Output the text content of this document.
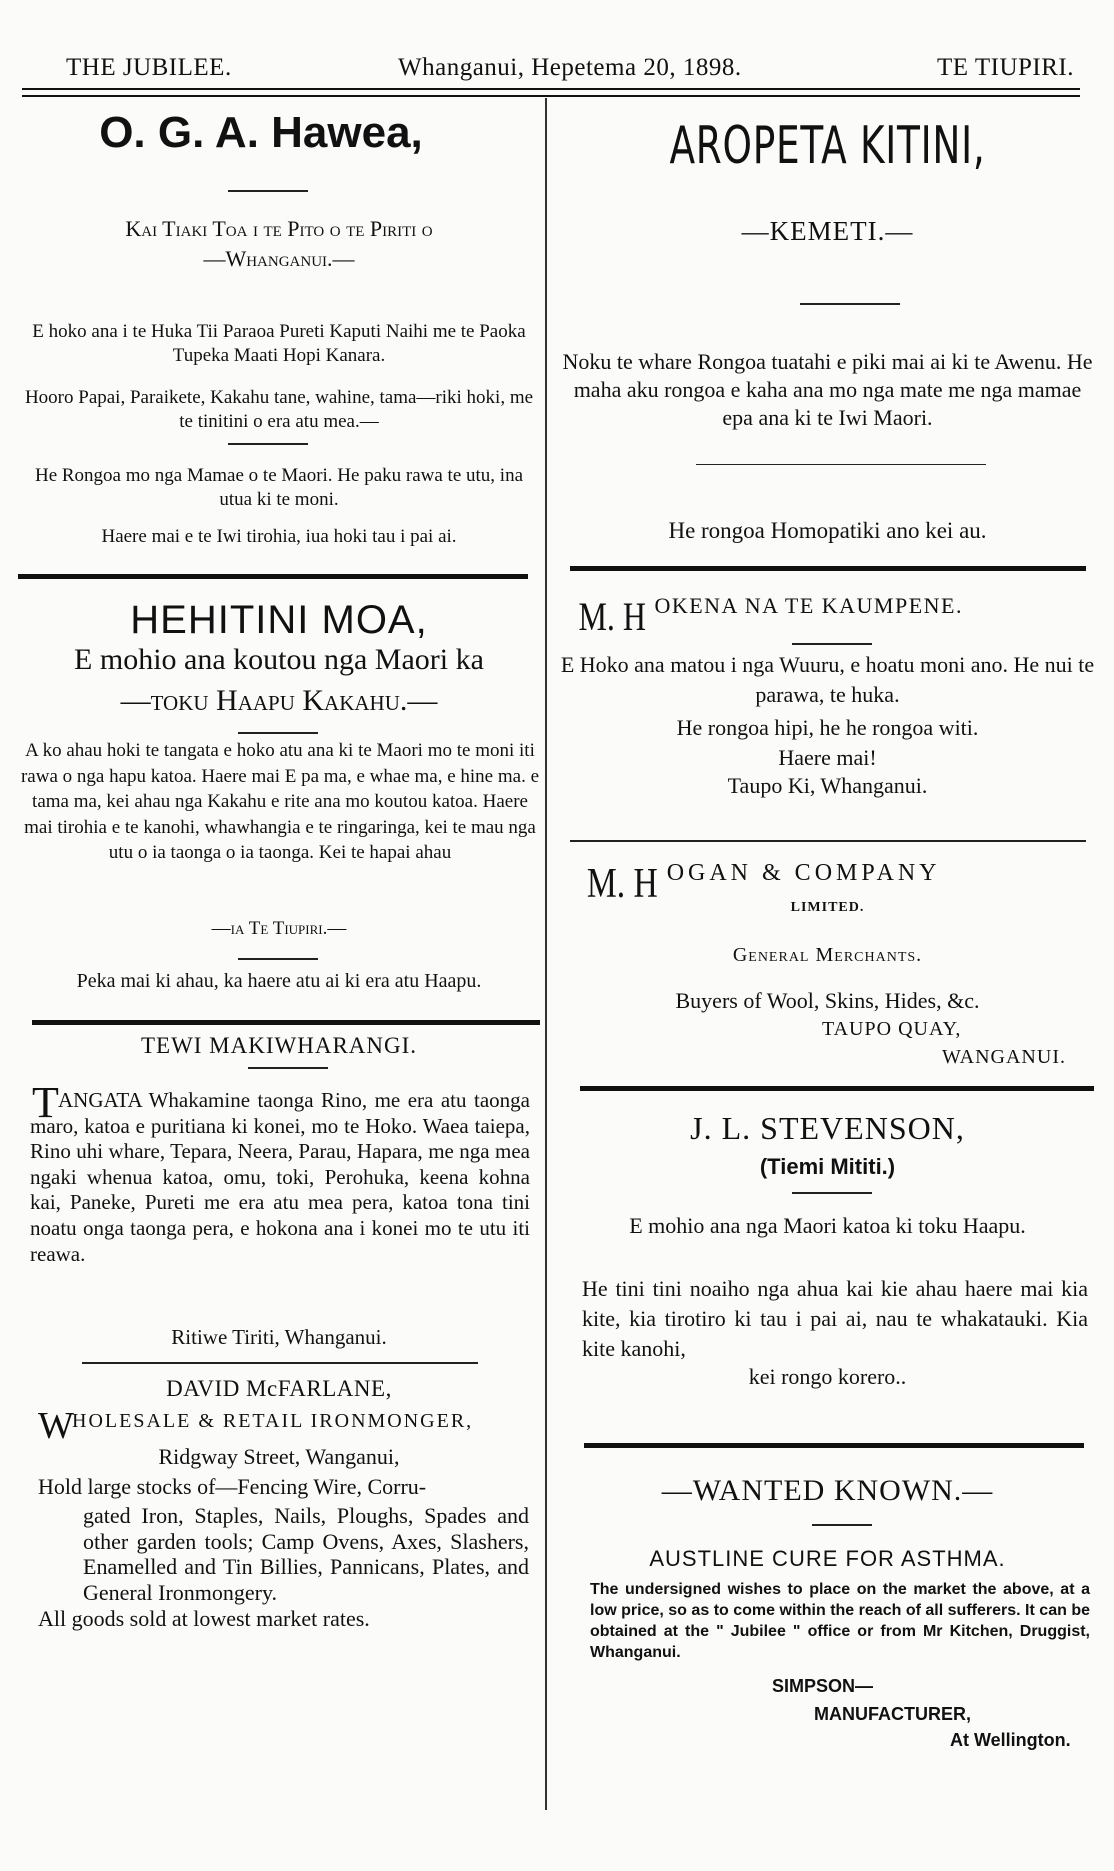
THE JUBILEE.	Whanganui, Hepetema 20, 1898.	TE TIUPIRI.

O. G. A. Hawea,

Kai Tiaki Toa i te Pito o te Piriti o

—Whanganui.—

E hoko ana i te Huka Tii Paraoa Pureti Kaputi Naihi me te Paoka Tupeka Maati Hopi Kanara.

Hooro Papai, Paraikete, Kakahu tane, wahine, tama—riki hoki, me te tinitini o era atu mea.—

He Rongoa mo nga Mamae o te Maori. He paku rawa te utu, ina utua ki te moni.

Haere mai e te Iwi tirohia, iua hoki tau i pai ai.

HEHITINI MOA,

E mohio ana koutou nga Maori ka

—toku Haapu Kakahu.—

A ko ahau hoki te tangata e hoko atu ana ki te Maori mo te moni iti rawa o nga hapu katoa. Haere mai E pa ma, e whae ma, e hine ma. e tama ma, kei ahau nga Kakahu e rite ana mo koutou katoa. Haere mai tirohia e te kanohi, whawhangia e te ringaringa, kei te mau nga utu o ia taonga o ia taonga. Kei te hapai ahau

—ia Te Tiupiri.—

Peka mai ki ahau, ka haere atu ai ki era atu Haapu.

TEWI MAKIWHARANGI.

T ANGATA Whakamine taonga Rino, me era atu taonga maro, katoa e puritiana ki konei, mo te Hoko. Waea taiepa, Rino uhi whare, Tepara, Neera, Parau, Hapara, me nga mea ngaki whenua katoa, omu, toki, Perohuka, keena kohna kai, Paneke, Pureti me era atu mea pera, katoa tona tini noatu onga taonga pera, e hokona ana i konei mo te utu iti reawa.

Ritiwe Tiriti, Whanganui.

DAVID McFARLANE,

W

HOLESALE & RETAIL IRONMONGER,

Ridgway Street, Wanganui,

Hold large stocks of—Fencing Wire, Corru-

gated Iron, Staples, Nails, Ploughs, Spades and other garden tools; Camp Ovens, Axes, Slashers, Enamelled and Tin Billies, Pannicans, Plates, and General Ironmongery.

All goods sold at lowest market rates.

AROPETA KITINI,

—KEMETI.—

Noku te whare Rongoa tuatahi e piki mai ai ki te Awenu. He maha aku rongoa e kaha ana mo nga mate me nga mamae epa ana ki te Iwi Maori.

He rongoa Homopatiki ano kei au.

M. H OKENA NA TE KAUMPENE.

E Hoko ana matou i nga Wuuru, e hoatu moni ano. He nui te parawa, te huka.

He rongoa hipi, he he rongoa witi.

Haere mai!

Taupo Ki, Whanganui.

M. H OGAN & COMPANY

LIMITED.

General Merchants.

Buyers of Wool, Skins, Hides, &c.

TAUPO QUAY,

WANGANUI.

J. L. STEVENSON,

(Tiemi Mititi.)

E mohio ana nga Maori katoa ki toku Haapu.

He tini tini noaiho nga ahua kai kie ahau haere mai kia kite, kia tirotiro ki tau i pai ai, nau te whakatauki. Kia kite kanohi,

kei rongo korero..

—WANTED KNOWN.—

AUSTLINE CURE FOR ASTHMA.

The undersigned wishes to place on the market the above, at a low price, so as to come within the reach of all sufferers. It can be obtained at the " Jubilee " office or from Mr Kitchen, Druggist, Whanganui.

SIMPSON—

MANUFACTURER,

At Wellington.
